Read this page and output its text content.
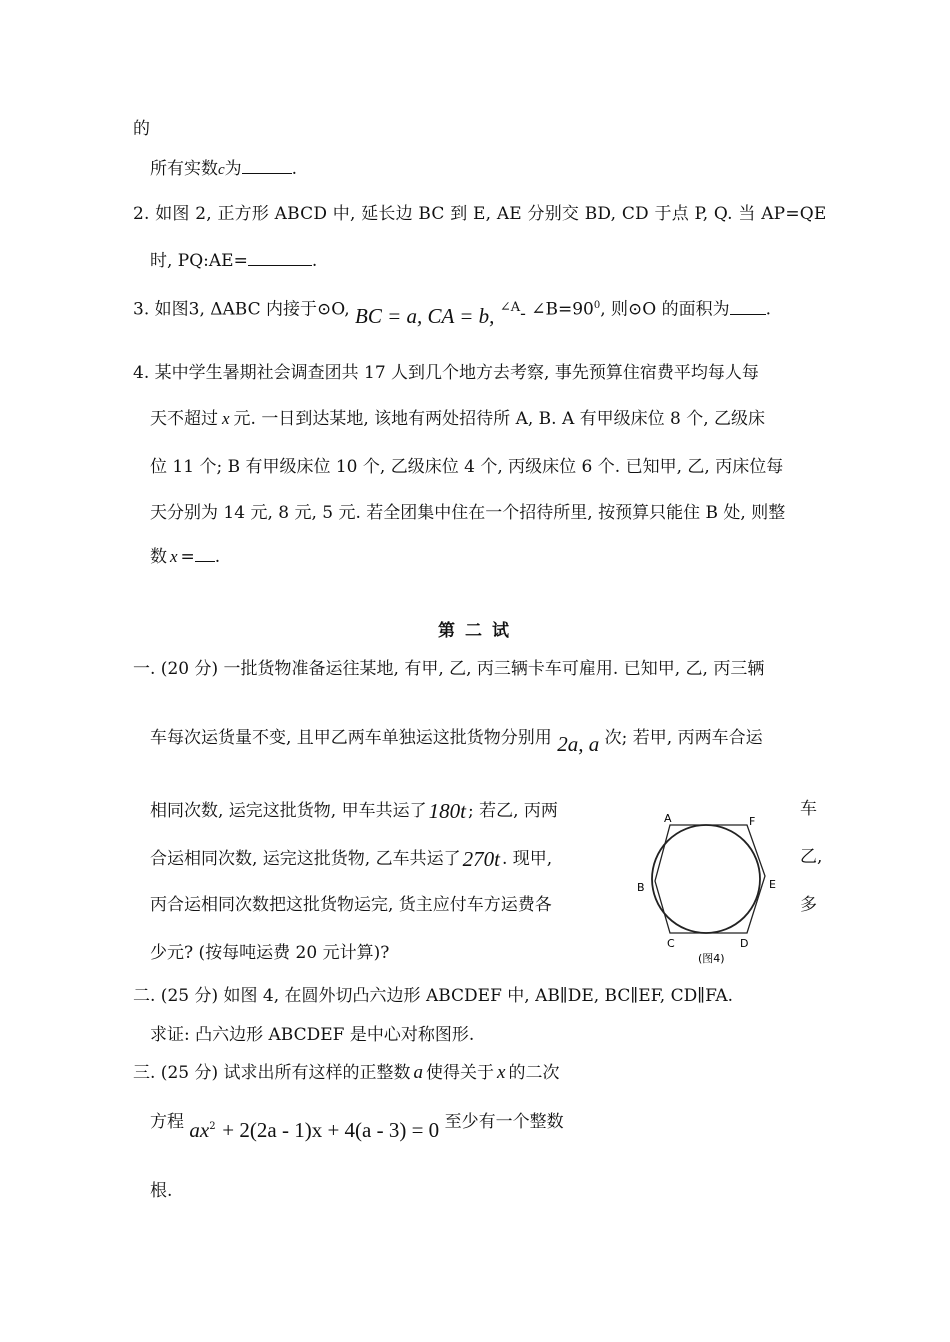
的
所有实数c为	.
2. 如图 2, 正方形 ABCD 中, 延长边 BC 到 E, AE 分别交 BD, CD 于点 P, Q. 当 AP=QE
时, PQ:AE=	.
3. 如图3, ΔABC 内接于⊙O, BC = a, CA = b, $^{\angle A}$- $\angle B=90^0$, 则⊙O 的面积为 .
4. 某中学生暑期社会调查团共 17 人到几个地方去考察, 事先预算住宿费平均每人每
天不超过 x 元. 一日到达某地, 该地有两处招待所 A, B. A 有甲级床位 8 个, 乙级床
位 11 个; B 有甲级床位 10 个, 乙级床位 4 个, 丙级床位 6 个. 已知甲, 乙, 丙床位每
天分别为 14 元, 8 元, 5 元. 若全团集中住在一个招待所里, 按预算只能住 B 处, 则整
数 x = .
第二试
一. (20 分) 一批货物准备运往某地, 有甲, 乙, 丙三辆卡车可雇用. 已知甲, 乙, 丙三辆
车每次运货量不变, 且甲乙两车单独运这批货物分别用 2a, a 次; 若甲, 丙两车合运
相同次数, 运完这批货物, 甲车共运了180t ; 若乙, 丙两	车
合运相同次数, 运完这批货物, 乙车共运了270t . 现甲,	乙,
丙合运相同次数把这批货物运完, 货主应付车方运费各	多
少元? (按每吨运费 20 元计算)?
A	F
B	E
C	D
(图4)
二. (25 分) 如图 4, 在圆外切凸六边形 ABCDEF 中, AB∥DE, BC∥EF, CD∥FA.
求证: 凸六边形 ABCDEF 是中心对称图形.
三. (25 分) 试求出所有这样的正整数 a 使得关于 x 的二次
方程 $ax^2 + 2(2a - 1)x + 4(a - 3) = 0$ 至少有一个整数
根.
